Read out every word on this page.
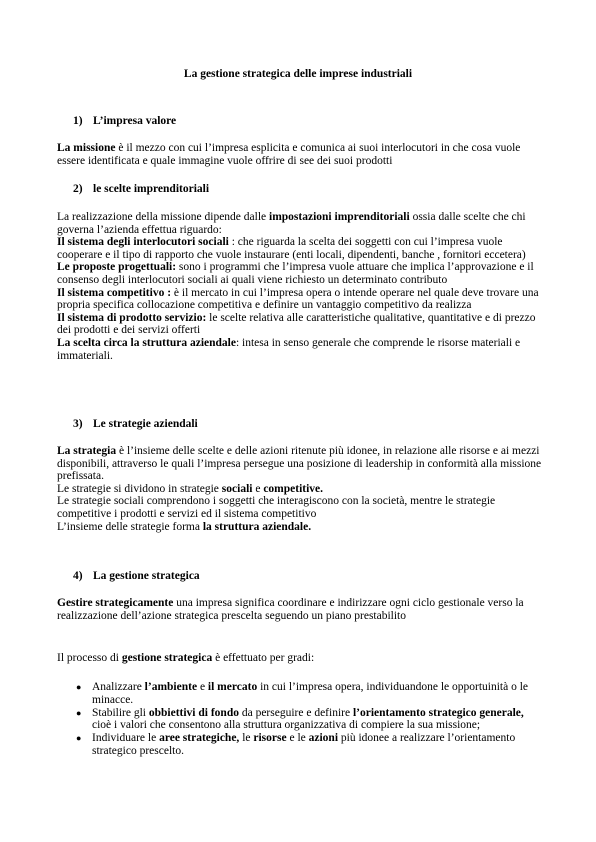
La gestione strategica delle imprese industriali
1) L’impresa valore

La missione è il mezzo con cui l’impresa esplicita e comunica ai suoi interlocutori in che cosa vuole essere identificata e quale immagine vuole offrire di see dei suoi prodotti

2) le scelte imprenditoriali

La realizzazione della missione dipende dalle impostazioni imprenditoriali ossia dalle scelte che chi governa l’azienda effettua riguardo:

Il sistema degli interlocutori sociali : che riguarda la scelta dei soggetti con cui l’impresa vuole cooperare e il tipo di rapporto che vuole instaurare (enti locali, dipendenti, banche , fornitori eccetera)

Le proposte progettuali: sono i programmi che l’impresa vuole attuare che implica l’approvazione e il consenso degli interlocutori sociali ai quali viene richiesto un determinato contributo

Il sistema competitivo : è il mercato in cui l’impresa opera o intende operare nel quale deve trovare una propria specifica collocazione competitiva e definire un vantaggio competitivo da realizza

Il sistema di prodotto servizio: le scelte relativa alle caratteristiche qualitative, quantitative e di prezzo dei prodotti e dei servizi offerti

La scelta circa la struttura aziendale: intesa in senso generale che comprende le risorse materiali e immateriali.

3) Le strategie aziendali

La strategia è l’insieme delle scelte e delle azioni ritenute più idonee, in relazione alle risorse e ai mezzi disponibili, attraverso le quali l’impresa persegue una posizione di leadership in conformità alla missione prefissata.

Le strategie si dividono in strategie sociali e competitive.

Le strategie sociali comprendono i soggetti che interagiscono con la società, mentre le strategie competitive i prodotti e servizi ed il sistema competitivo

L’insieme delle strategie forma la struttura aziendale.

4) La gestione strategica

Gestire strategicamente una impresa significa coordinare e indirizzare ogni ciclo gestionale verso la realizzazione dell’azione strategica prescelta seguendo un piano prestabilito

Il processo di gestione strategica è effettuato per gradi:

● Analizzare l’ambiente e il mercato in cui l’impresa opera, individuandone le opportuinità o le minacce.
● Stabilire gli obbiettivi di fondo da perseguire e definire l’orientamento strategico generale, cioè i valori che consentono alla struttura organizzativa di compiere la sua missione;
● Individuare le aree strategiche, le risorse e le azioni più idonee a realizzare l’orientamento strategico prescelto.
